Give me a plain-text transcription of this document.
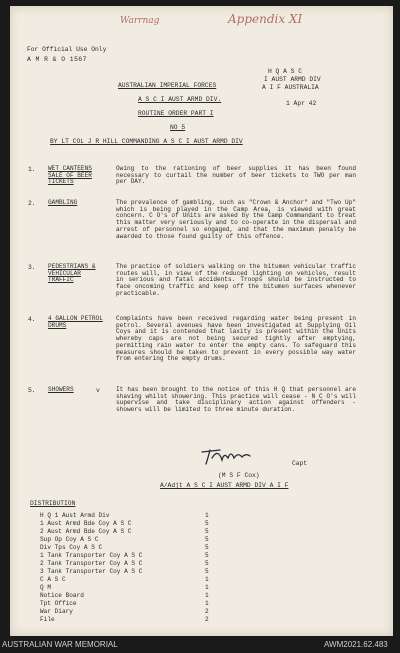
Warrnag	Appendix XI
For Official Use Only
A M R & O 1567
AUSTRALIAN IMPERIAL FORCES
A S C I AUST ARMD DIV.
ROUTINE ORDER PART I
NO 5
H Q A S C
I AUST ARMD DIV
A I F AUSTRALIA
1 Apr 42
BY LT COL J R HILL COMMANDING A S C I AUST ARMD DIV
1. WET CANTEENS SALE OF BEER TICKETS
Owing to the rationing of beer supplies it has been found necessary to curtail the number of beer tickets to TWO per man per DAY.
2. GAMBLING	The prevalence of gambling, such as "Crown & Anchor" and "Two Up" which is being played in the Camp Area, is viewed with great concern. C O's of Units are asked by the Camp Commandant to treat this matter very seriously and to co-operate in the dispersal and arrest of personnel so engaged, and that the maximum penalty be awarded to those found guilty of this offence.
3. PEDESTRIANS & VEHICULAR TRAFFIC
The practice of soldiers walking on the bitumen vehicular traffic routes will, in view of the reduced lighting on vehicles, result in serious and fatal accidents. Troops should be instructed to face oncoming traffic and keep off the bitumen surfaces whenever practicable.
4. 4 GALLON PETROL DRUMS
Complaints have been received regarding water being present in petrol. Several avenues have been investigated at Supplying Oil Coys and it is contended that laxity is present within the Units whereby caps are not being secured tightly after emptying, permitting rain water to enter the empty cans. To safeguard this measures should be taken to prevent in every possible way water from entering the empty drums.
5. SHOWERS	v	It has been brought to the notice of this H Q that personnel are shaving whilst showering. This practice will cease - N C O's will supervise and take disciplinary action against offenders - showers will be limited to three minute duration.
Capt
(M S F Cox)
A/Adjt A S C I AUST ARMD DIV A I F
DISTRIBUTION
H Q 1 Aust Armd Div	1
1 Aust Armd Bde Coy A S C	5
2 Aust Armd Bde Coy A S C	5
Sup Op Coy A S C	5
Div Tps Coy A S C	5
1 Tank Transporter Coy A S C	5
2 Tank Transporter Coy A S C	5
3 Tank Transporter Coy A S C	5
C A S C	1
Q M	1
Notice Board	1
Tpt Office	1
War Diary	2
File	2
AUSTRALIAN WAR MEMORIAL	AWM2021.62.483
